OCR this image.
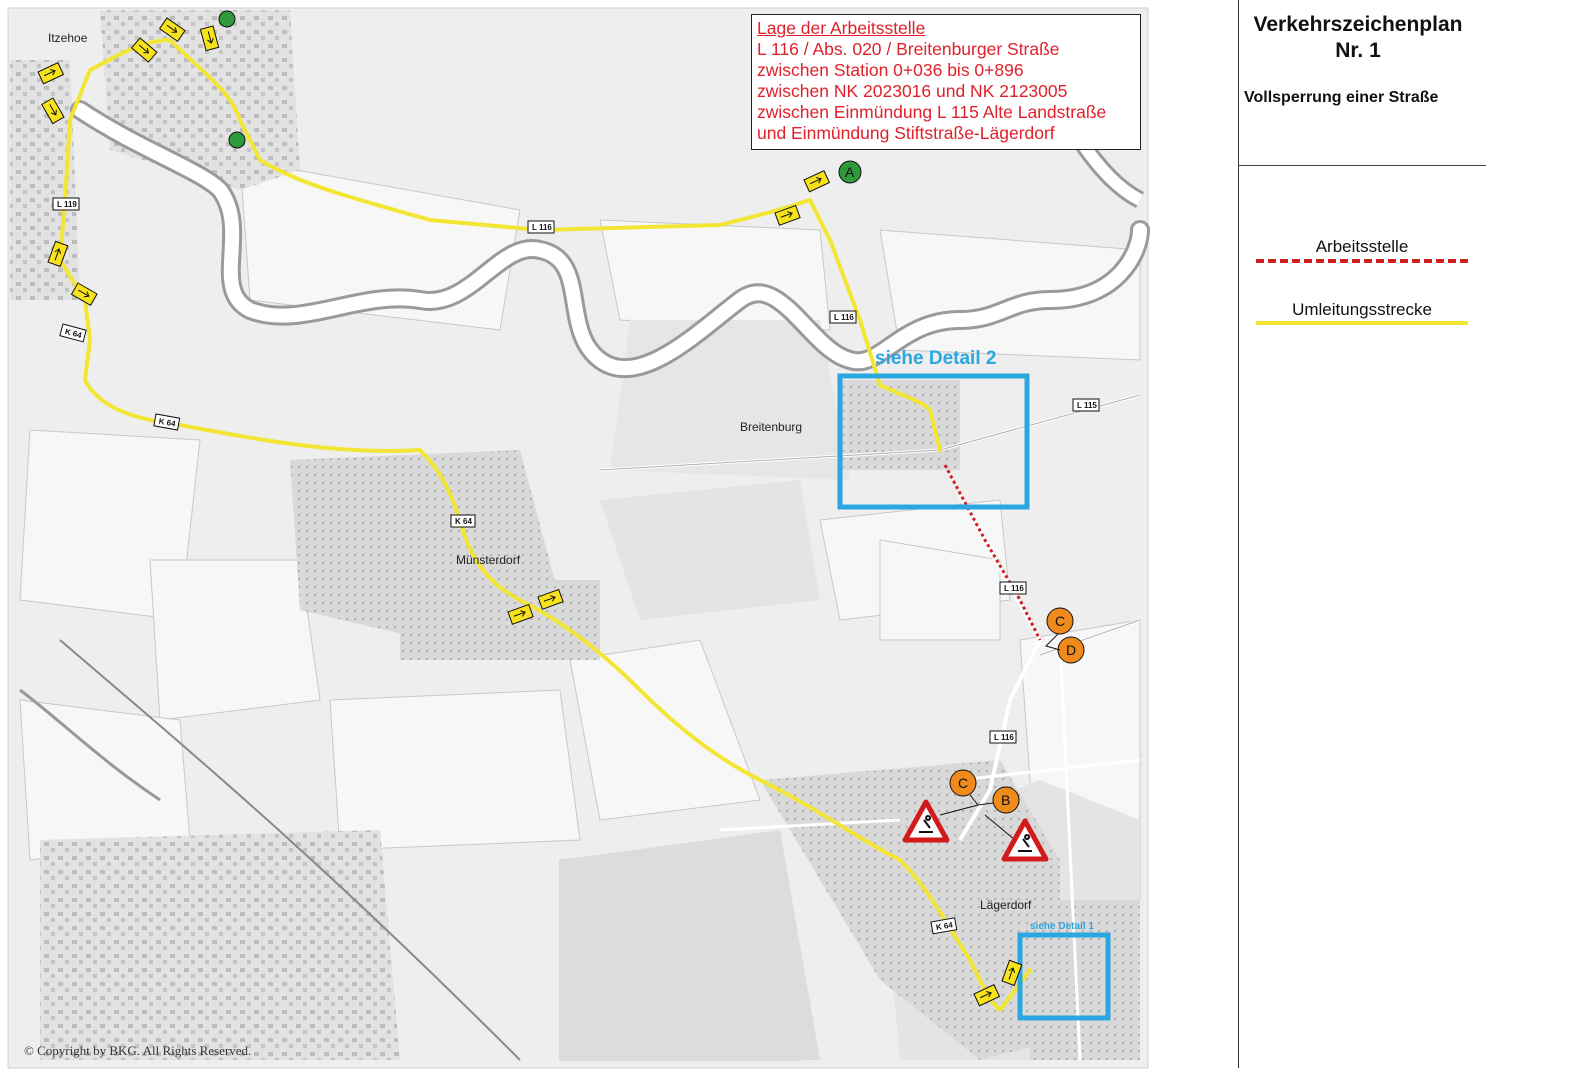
siehe Detail 2
siehe Detail 1
Itzehoe
Breitenburg
Münsterdorf
Lägerdorf
L 119
L 116
L 116
L 115
L 116
L 116
K 64
K 64
K 64
K 64
A
C
D
C
B
Lage der Arbeitsstelle
L 116 / Abs. 020 / Breitenburger Straße
zwischen Station 0+036 bis 0+896
zwischen NK 2023016 und NK 2123005
zwischen Einmündung L 115 Alte Landstraße
und Einmündung Stiftstraße-Lägerdorf
© Copyright by BKG. All Rights Reserved.
Verkehrszeichenplan
Nr. 1
Vollsperrung einer Straße
Arbeitsstelle
Umleitungsstrecke
